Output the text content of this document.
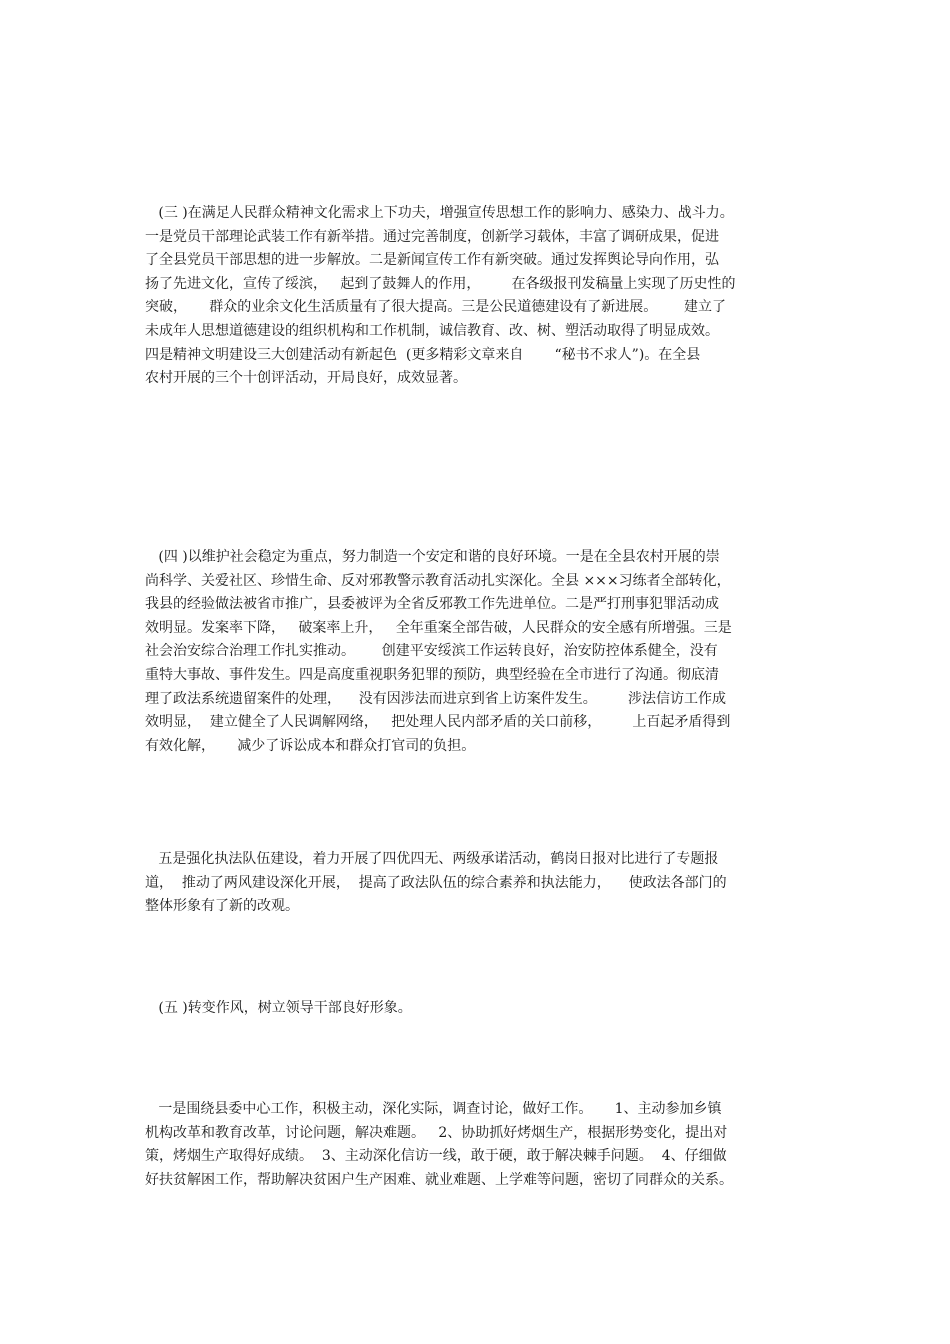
(三 )在满足人民群众精神文化需求上下功夫，增强宣传思想工作的影响力、感染力、战斗力。
一是党员干部理论武装工作有新举措。通过完善制度，创新学习载体，丰富了调研成果，促进
了全县党员干部思想的进一步解放。二是新闻宣传工作有新突破。通过发挥舆论导向作用，弘
扬了先进文化，宣传了绥滨，   起到了鼓舞人的作用，       在各级报刊发稿量上实现了历史性的
突破，     群众的业余文化生活质量有了很大提高。三是公民道德建设有了新进展。      建立了
未成年人思想道德建设的组织机构和工作机制，诚信教育、改、树、塑活动取得了明显成效。
四是精神文明建设三大创建活动有新起色  (更多精彩文章来自       “秘书不求人”)。在全县
农村开展的三个十创评活动，开局良好，成效显著。
(四 )以维护社会稳定为重点，努力制造一个安定和谐的良好环境。一是在全县农村开展的崇
尚科学、关爱社区、珍惜生命、反对邪教警示教育活动扎实深化。全县 ×××习练者全部转化，
我县的经验做法被省市推广，县委被评为全省反邪教工作先进单位。二是严打刑事犯罪活动成
效明显。发案率下降，   破案率上升，   全年重案全部告破，人民群众的安全感有所增强。三是
社会治安综合治理工作扎实推动。      创建平安绥滨工作运转良好，治安防控体系健全，没有
重特大事故、事件发生。四是高度重视职务犯罪的预防，典型经验在全市进行了沟通。彻底清
理了政法系统遗留案件的处理，    没有因涉法而进京到省上访案件发生。       涉法信访工作成
效明显，  建立健全了人民调解网络，   把处理人民内部矛盾的关口前移，       上百起矛盾得到
有效化解，     减少了诉讼成本和群众打官司的负担。
五是强化执法队伍建设，着力开展了四优四无、两级承诺活动，鹤岗日报对比进行了专题报
道，  推动了两风建设深化开展，  提高了政法队伍的综合素养和执法能力，    使政法各部门的
整体形象有了新的改观。
(五 )转变作风，树立领导干部良好形象。
一是围绕县委中心工作，积极主动，深化实际，调查讨论，做好工作。     1、主动参加乡镇
机构改革和教育改革，讨论问题，解决难题。   2、协助抓好烤烟生产，根据形势变化，提出对
策，烤烟生产取得好成绩。  3、主动深化信访一线，敢于硬，敢于解决棘手问题。  4、仔细做
好扶贫解困工作，帮助解决贫困户生产困难、就业难题、上学难等问题，密切了同群众的关系。
